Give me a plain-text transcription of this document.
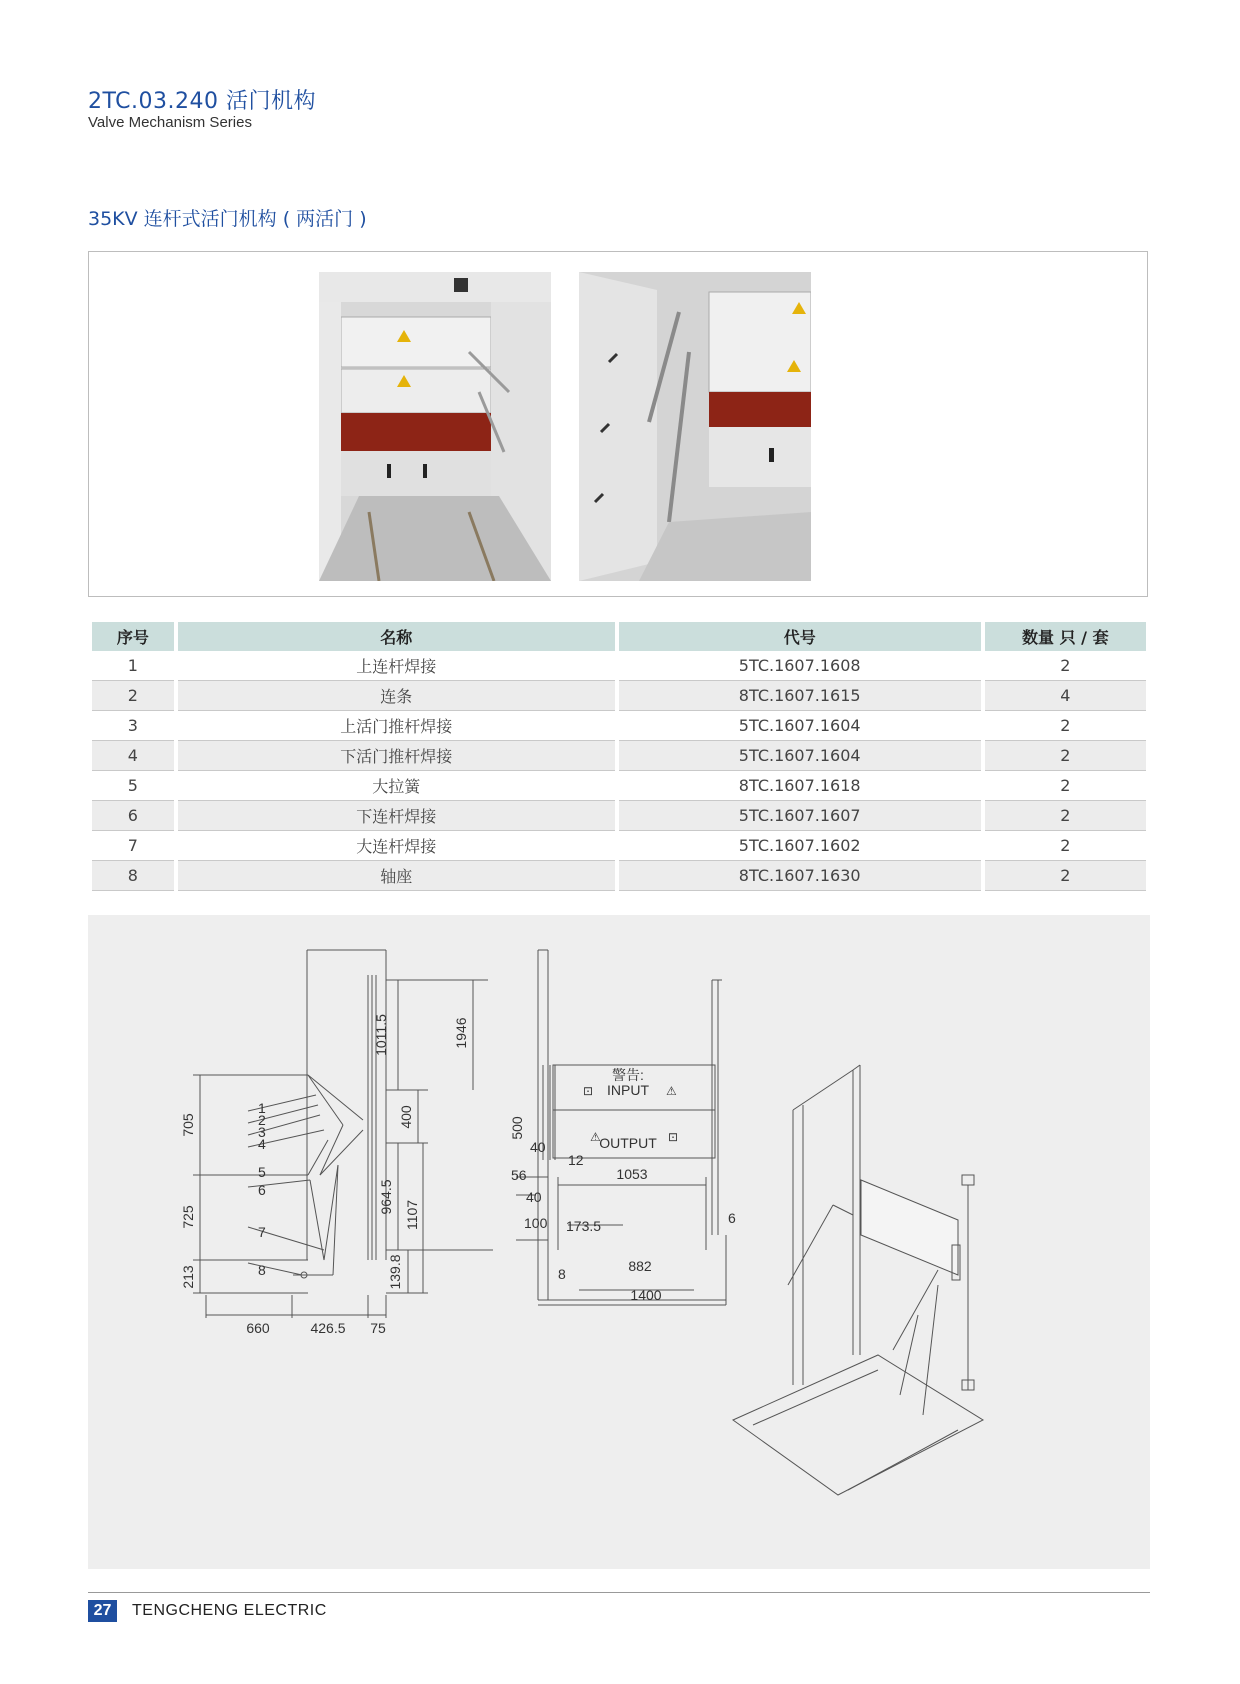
2TC.03.240 活门机构
Valve Mechanism Series
35KV 连杆式活门机构 ( 两活门 )
序号	名称	代号	数量 只 / 套
1	上连杆焊接	5TC.1607.1608	2
2	连条	8TC.1607.1615	4
3	上活门推杆焊接	5TC.1607.1604	2
4	下活门推杆焊接	5TC.1607.1604	2
5	大拉簧	8TC.1607.1618	2
6	下连杆焊接	5TC.1607.1607	2
7	大连杆焊接	5TC.1607.1602	2
8	轴座	8TC.1607.1630	2
警告:
INPUT
OUTPUT
⊡	⚠
⚠	⊡
1011.5	1946
400
964.5
1107
139.8
705
725
213
660	426.5 75
1
2
3
4
5
6
7
8
500
40
56
40
100
12
1053
173.5	6
882
8
1400
27	TENGCHENG ELECTRIC
